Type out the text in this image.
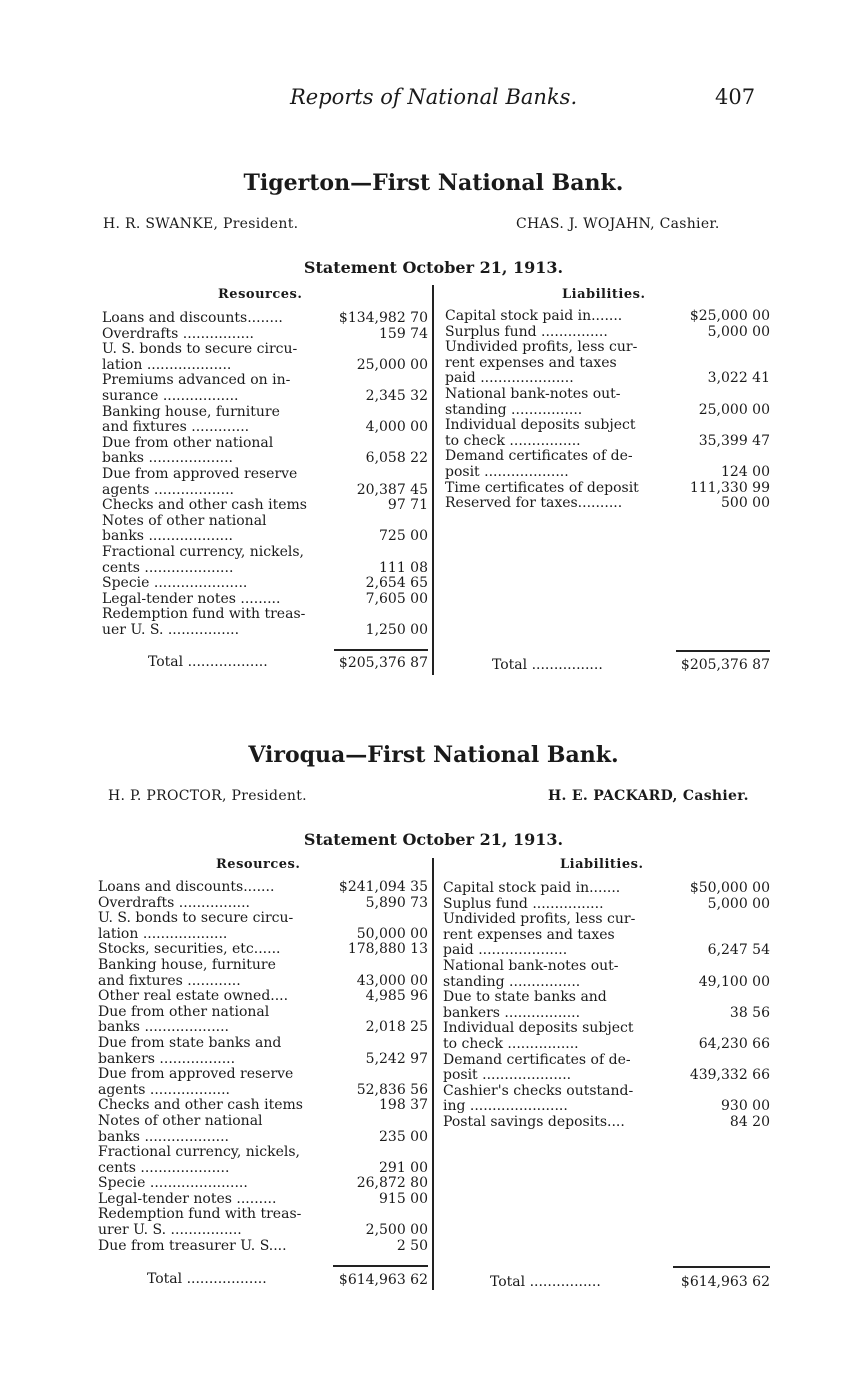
Reports of National Banks.	407
Tigerton—First National Bank.
H. R. SWANKE, President.	CHAS. J. WOJAHN, Cashier.
Statement October 21, 1913.
Resources.	Liabilities.
Loans and discounts........	$134,982 70
Overdrafts ................	159 74
U. S. bonds to secure circu-
lation ...................	25,000 00
Premiums advanced on in-
surance .................	2,345 32
Banking house, furniture
and fixtures .............	4,000 00
Due from other national
banks ...................	6,058 22
Due from approved reserve
agents ..................	20,387 45
Checks and other cash items	97 71
Notes of other national
banks ...................	725 00
Fractional currency, nickels,
cents ....................	111 08
Specie .....................	2,654 65
Legal-tender notes .........	7,605 00
Redemption fund with treas-
uer U. S. ................	1,250 00
Capital stock paid in.......	$25,000 00
Surplus fund ...............	5,000 00
Undivided profits, less cur-
rent expenses and taxes
paid .....................	3,022 41
National bank-notes out-
standing ................	25,000 00
Individual deposits subject
to check ................	35,399 47
Demand certificates of de-
posit ...................	124 00
Time certificates of deposit	111,330 99
Reserved for taxes..........	500 00
Total ..................	$205,376 87	Total ................	$205,376 87
Viroqua—First National Bank.
H. P. PROCTOR, President.	H. E. PACKARD, Cashier.
Statement October 21, 1913.
Resources.	Liabilities.
Loans and discounts.......	$241,094 35
Overdrafts ................	5,890 73
U. S. bonds to secure circu-
lation ...................	50,000 00
Stocks, securities, etc......	178,880 13
Banking house, furniture
and fixtures ............	43,000 00
Other real estate owned....	4,985 96
Due from other national
banks ...................	2,018 25
Due from state banks and
bankers .................	5,242 97
Due from approved reserve
agents ..................	52,836 56
Checks and other cash items	198 37
Notes of other national
banks ...................	235 00
Fractional currency, nickels,
cents ....................	291 00
Specie ......................	26,872 80
Legal-tender notes .........	915 00
Redemption fund with treas-
urer U. S. ................	2,500 00
Due from treasurer U. S....	2 50
Capital stock paid in.......	$50,000 00
Suplus fund ................	5,000 00
Undivided profits, less cur-
rent expenses and taxes
paid ....................	6,247 54
National bank-notes out-
standing ................	49,100 00
Due to state banks and
bankers .................	38 56
Individual deposits subject
to check ................	64,230 66
Demand certificates of de-
posit ....................	439,332 66
Cashier's checks outstand-
ing ......................	930 00
Postal savings deposits....	84 20
Total ..................	$614,963 62	Total ................	$614,963 62
